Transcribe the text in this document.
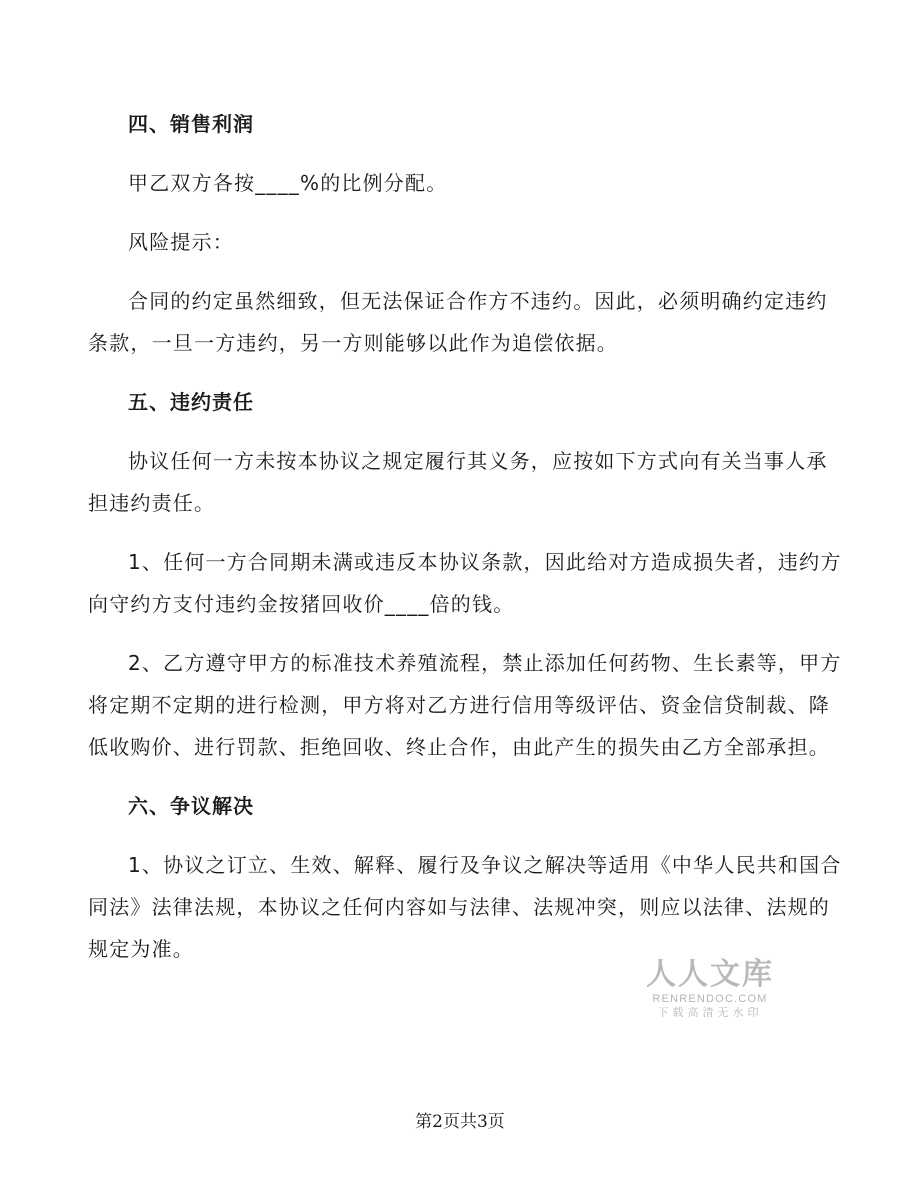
四、销售利润
甲乙双方各按____%的比例分配。
风险提示：
合同的约定虽然细致，但无法保证合作方不违约。因此，必须明确约定违约
条款，一旦一方违约，另一方则能够以此作为追偿依据。
五、违约责任
协议任何一方未按本协议之规定履行其义务，应按如下方式向有关当事人承
担违约责任。
1、任何一方合同期未满或违反本协议条款，因此给对方造成损失者，违约方
向守约方支付违约金按猪回收价____倍的钱。
2、乙方遵守甲方的标准技术养殖流程，禁止添加任何药物、生长素等，甲方
将定期不定期的进行检测，甲方将对乙方进行信用等级评估、资金信贷制裁、降
低收购价、进行罚款、拒绝回收、终止合作，由此产生的损失由乙方全部承担。
六、争议解决
1、协议之订立、生效、解释、履行及争议之解决等适用《中华人民共和国合
同法》法律法规，本协议之任何内容如与法律、法规冲突，则应以法律、法规的
规定为准。
人人文库
RENRENDOC.COM
下载高清无水印
第2页共3页
